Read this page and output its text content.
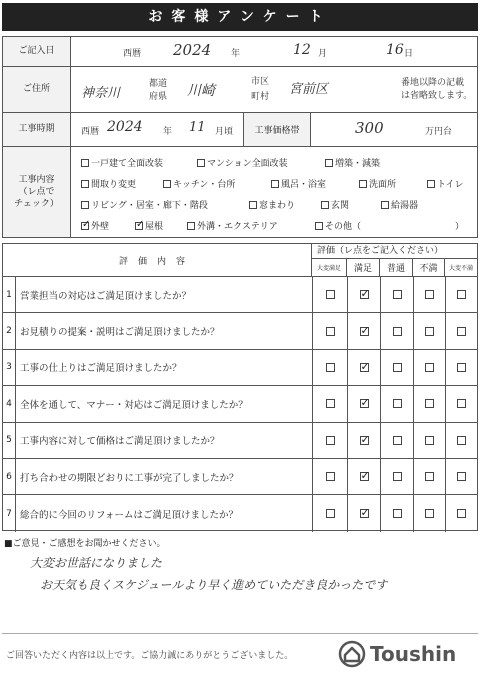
お客様アンケート
ご記入日	西暦 2024 年	12 月	16 日
ご住所	神奈川
都道
府県 川崎
市区
町村 宮前区	番地以降の記載
は省略致します。
工事時期	西暦 2024 年 11 月頃 工事価格帯	300	万円台
工事内容
（レ点で
チェック）
一戸建て全面改装	マンション全面改装	増築・減築
間取り変更	キッチン・台所	風呂・浴室	洗面所	トイレ
リビング・居室・廊下・階段	窓まわり	玄関	給湯器
✓外壁
✓	屋根	外溝・エクステリア	その他（	）
評価内容
評価（レ点をご記入ください）
大変満足	満足	普通	不満	大変不満
1 営業担当の対応はご満足頂けましたか？
✓
2 お見積りの提案・説明はご満足頂けましたか？
✓
3 工事の仕上りはご満足頂けましたか？
✓
4 全体を通して、マナー・対応はご満足頂けましたか？
✓
5 工事内容に対して価格はご満足頂けましたか？
✓
6 打ち合わせの期限どおりに工事が完了しましたか？
✓
7 総合的に今回のリフォームはご満足頂けましたか？
✓
■ご意見・ご感想をお聞かせください。
大変お世話になりました
お天気も良くスケジュールより早く進めていただき良かったです
ご回答いただく内容は以上です。ご協力誠にありがとうございました。	Toushin
